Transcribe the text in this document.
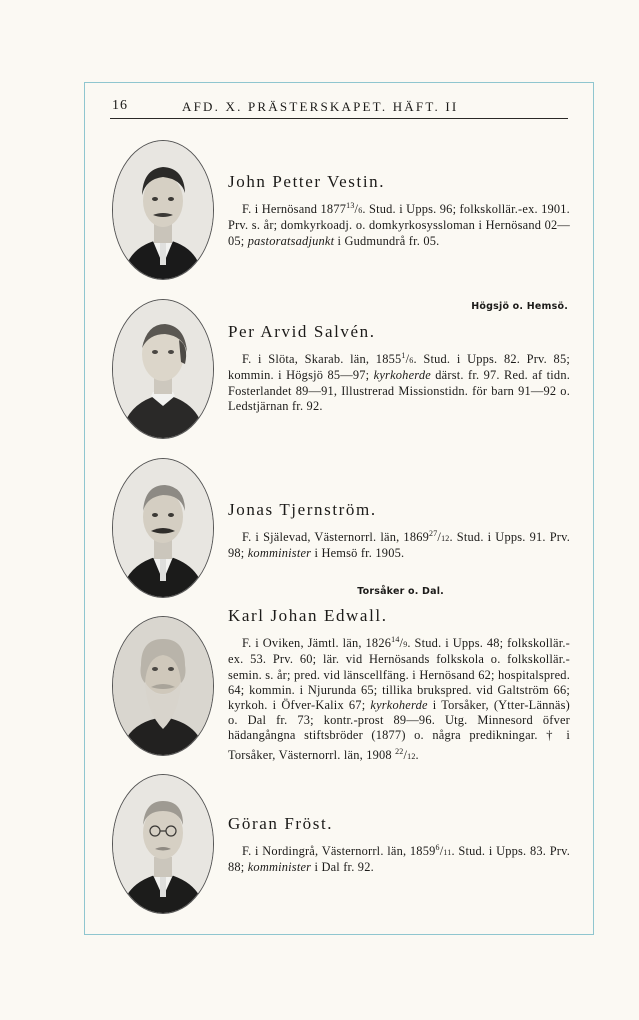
16	AFD. X. PRÄSTERSKAPET. HÄFT. II

John Petter Vestin.

F. i Hernösand 1877$^{13}$/6. Stud. i Upps. 96; folkskollär.-ex. 1901. Prv. s. år; domkyrkoadj. o. domkyrkosyssloman i Hernösand 02—05; pastoratsadjunkt i Gudmundrå fr. 05.

Högsjö o. Hemsö.

Per Arvid Salvén.

F. i Slöta, Skarab. län, 1855$^1$/6. Stud. i Upps. 82. Prv. 85; kommin. i Högsjö 85—97; kyrkoherde därst. fr. 97. Red. af tidn. Fosterlandet 89—91, Illustrerad Missionstidn. för barn 91—92 o. Ledstjärnan fr. 92.

Jonas Tjernström.

F. i Själevad, Västernorrl. län, 1869$^{27}$/12. Stud. i Upps. 91. Prv. 98; komminister i Hemsö fr. 1905.

Torsåker o. Dal.

Karl Johan Edwall.

F. i Oviken, Jämtl. län, 1826$^{14}$/9. Stud. i Upps. 48; folkskollär.-ex. 53. Prv. 60; lär. vid Hernösands folkskola o. folkskollär.-semin. s. år; pred. vid länscellfäng. i Hernösand 62; hospitalspred. 64; kommin. i Njurunda 65; tillika brukspred. vid Galtström 66; kyrkoh. i Öfver-Kalix 67; kyrkoherde i Torsåker, (Ytter-Lännäs) o. Dal fr. 73; kontr.-prost 89—96. Utg. Minnesord öfver hädangångna stiftsbröder (1877) o. några predikningar. † i Torsåker, Västernorrl. län, 1908 $^{22}$/12.

Göran Fröst.

F. i Nordingrå, Västernorrl. län, 1859$^6$/11. Stud. i Upps. 83. Prv. 88; komminister i Dal fr. 92.
